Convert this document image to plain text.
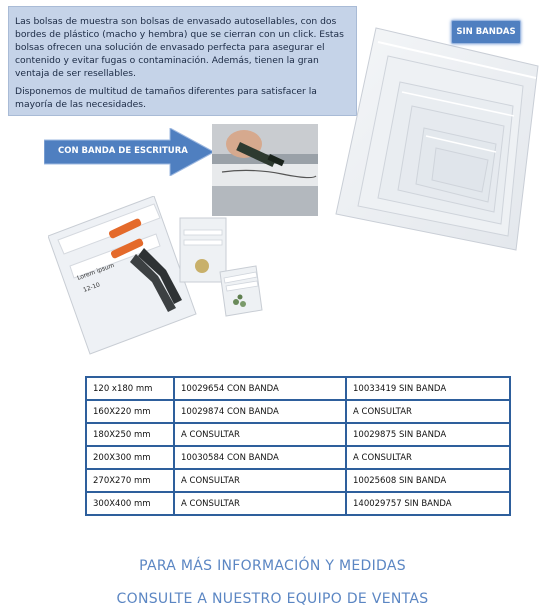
Las bolsas de muestra son bolsas de envasado autosellables, con dos bordes de plástico (macho y hembra) que se cierran con un click. Estas bolsas ofrecen una solución de envasado perfecta para asegurar el contenido y evitar fugas o contaminación. Además, tienen la gran ventaja de ser resellables.

Disponemos de multitud de tamaños diferentes para satisfacer la mayoría de las necesidades.

SIN BANDAS
CON BANDA DE ESCRITURA
Lorem ipsum
12-10
120 x180 mm	10029654 CON BANDA	10033419 SIN BANDA
160X220 mm	10029874 CON BANDA	A CONSULTAR
180X250 mm	A CONSULTAR	10029875 SIN BANDA
200X300 mm	10030584 CON BANDA	A CONSULTAR
270X270 mm	A CONSULTAR	10025608 SIN BANDA
300X400 mm	A CONSULTAR	140029757 SIN BANDA
PARA MÁS INFORMACIÓN Y MEDIDAS
CONSULTE A NUESTRO EQUIPO DE VENTAS
